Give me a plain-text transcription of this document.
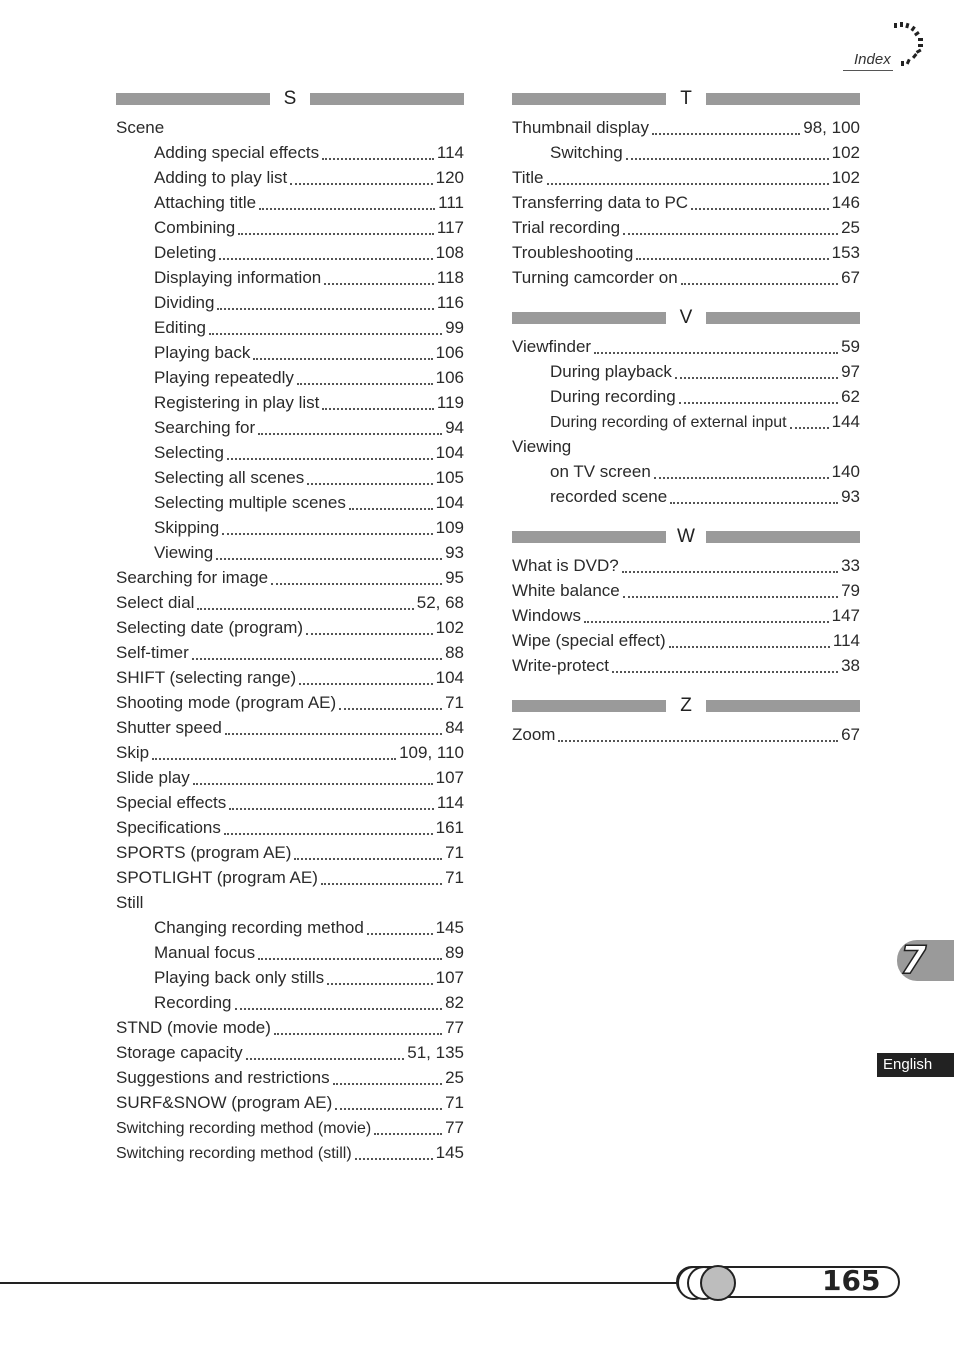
Index
S
Scene
Adding special effects	114
Adding to play list	120
Attaching title	111
Combining	117
Deleting	108
Displaying information	118
Dividing	116
Editing	99
Playing back	106
Playing repeatedly	106
Registering in play list	119
Searching for	94
Selecting	104
Selecting all scenes	105
Selecting multiple scenes	104
Skipping	109
Viewing	93
Searching for image	95
Select dial	52, 68
Selecting date (program)	102
Self-timer	88
SHIFT (selecting range)	104
Shooting mode (program AE)	71
Shutter speed	84
Skip	109, 110
Slide play	107
Special effects	114
Specifications	161
SPORTS (program AE)	71
SPOTLIGHT (program AE)	71
Still
Changing recording method	145
Manual focus	89
Playing back only stills	107
Recording	82
STND (movie mode)	77
Storage capacity	51, 135
Suggestions and restrictions	25
SURF&SNOW (program AE)	71
Switching recording method (movie)	77
Switching recording method (still)	145
T
Thumbnail display	98, 100
Switching	102
Title	102
Transferring data to PC	146
Trial recording	25
Troubleshooting	153
Turning camcorder on	67
V
Viewfinder	59
During playback	97
During recording	62
During recording of external input	144
Viewing
on TV screen	140
recorded scene	93
W
What is DVD?	33
White balance	79
Windows	147
Wipe (special effect)	114
Write-protect	38
Z
Zoom	67
7
English
165
